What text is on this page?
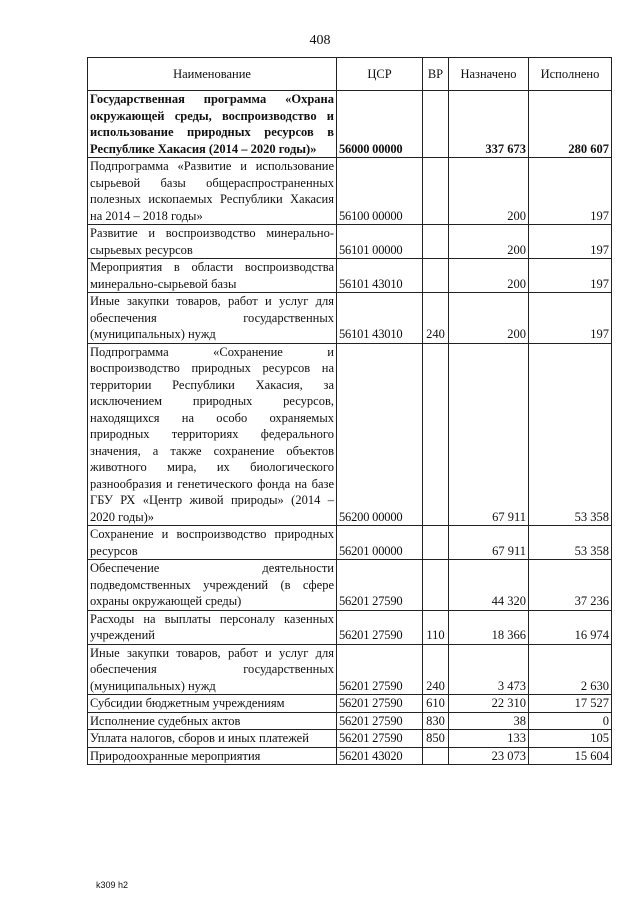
408
Наименование	ЦСР	ВР	Назначено	Исполнено
Государственная программа «Охрана окружающей среды, воспроизводство и использование природных ресурсов в Республике Хакасия (2014 – 2020 годы)»	56000 00000		337 673	280 607
Подпрограмма «Развитие и использование сырьевой базы общераспространенных полезных ископаемых Республики Хакасия на 2014 – 2018 годы»	56100 00000		200	197
Развитие и воспроизводство минерально-сырьевых ресурсов	56101 00000		200	197
Мероприятия в области воспроизводства минерально-сырьевой базы	56101 43010		200	197
Иные закупки товаров, работ и услуг для обеспечения государственных (муниципальных) нужд	56101 43010	240	200	197
Подпрограмма «Сохранение и воспроизводство природных ресурсов на территории Республики Хакасия, за исключением природных ресурсов, находящихся на особо охраняемых природных территориях федерального значения, а также сохранение объектов животного мира, их биологического разнообразия и генетического фонда на базе ГБУ РХ «Центр живой природы» (2014 – 2020 годы)»	56200 00000		67 911	53 358
Сохранение и воспроизводство природных ресурсов	56201 00000		67 911	53 358
Обеспечение деятельности подведомственных учреждений (в сфере охраны окружающей среды)	56201 27590		44 320	37 236
Расходы на выплаты персоналу казенных учреждений	56201 27590	110	18 366	16 974
Иные закупки товаров, работ и услуг для обеспечения государственных (муниципальных) нужд	56201 27590	240	3 473	2 630
Субсидии бюджетным учреждениям	56201 27590	610	22 310	17 527
Исполнение судебных актов	56201 27590	830	38	0
Уплата налогов, сборов и иных платежей	56201 27590	850	133	105
Природоохранные мероприятия	56201 43020		23 073	15 604
k309 h2
